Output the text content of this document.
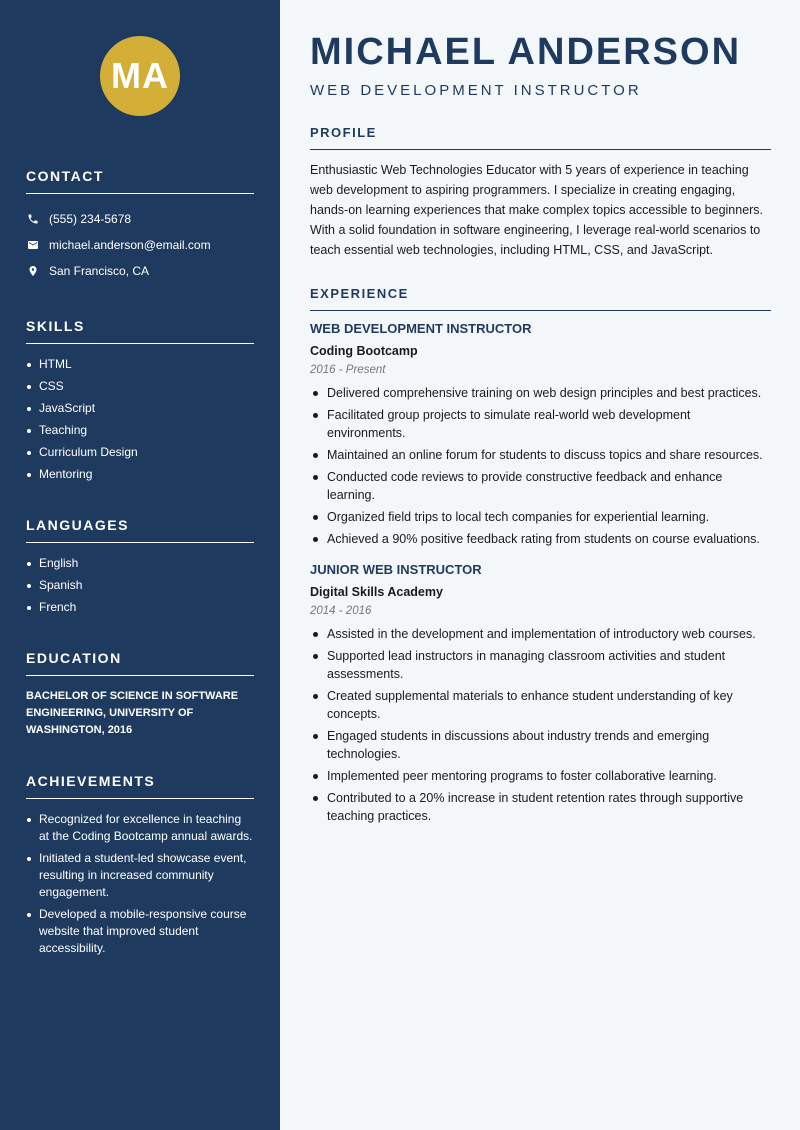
MA
CONTACT
(555) 234-5678
michael.anderson@email.com
San Francisco, CA
SKILLS
HTML
CSS
JavaScript
Teaching
Curriculum Design
Mentoring
LANGUAGES
English
Spanish
French
EDUCATION
BACHELOR OF SCIENCE IN SOFTWARE ENGINEERING, UNIVERSITY OF WASHINGTON, 2016
ACHIEVEMENTS
Recognized for excellence in teaching at the Coding Bootcamp annual awards.
Initiated a student-led showcase event, resulting in increased community engagement.
Developed a mobile-responsive course website that improved student accessibility.
MICHAEL ANDERSON
WEB DEVELOPMENT INSTRUCTOR
PROFILE

Enthusiastic Web Technologies Educator with 5 years of experience in teaching web development to aspiring programmers. I specialize in creating engaging, hands-on learning experiences that make complex topics accessible to beginners. With a solid foundation in software engineering, I leverage real-world scenarios to teach essential web technologies, including HTML, CSS, and JavaScript.

EXPERIENCE
WEB DEVELOPMENT INSTRUCTOR
Coding Bootcamp
2016 - Present
Delivered comprehensive training on web design principles and best practices.
Facilitated group projects to simulate real-world web development environments.
Maintained an online forum for students to discuss topics and share resources.
Conducted code reviews to provide constructive feedback and enhance learning.
Organized field trips to local tech companies for experiential learning.
Achieved a 90% positive feedback rating from students on course evaluations.
JUNIOR WEB INSTRUCTOR
Digital Skills Academy
2014 - 2016
Assisted in the development and implementation of introductory web courses.
Supported lead instructors in managing classroom activities and student assessments.
Created supplemental materials to enhance student understanding of key concepts.
Engaged students in discussions about industry trends and emerging technologies.
Implemented peer mentoring programs to foster collaborative learning.
Contributed to a 20% increase in student retention rates through supportive teaching practices.
